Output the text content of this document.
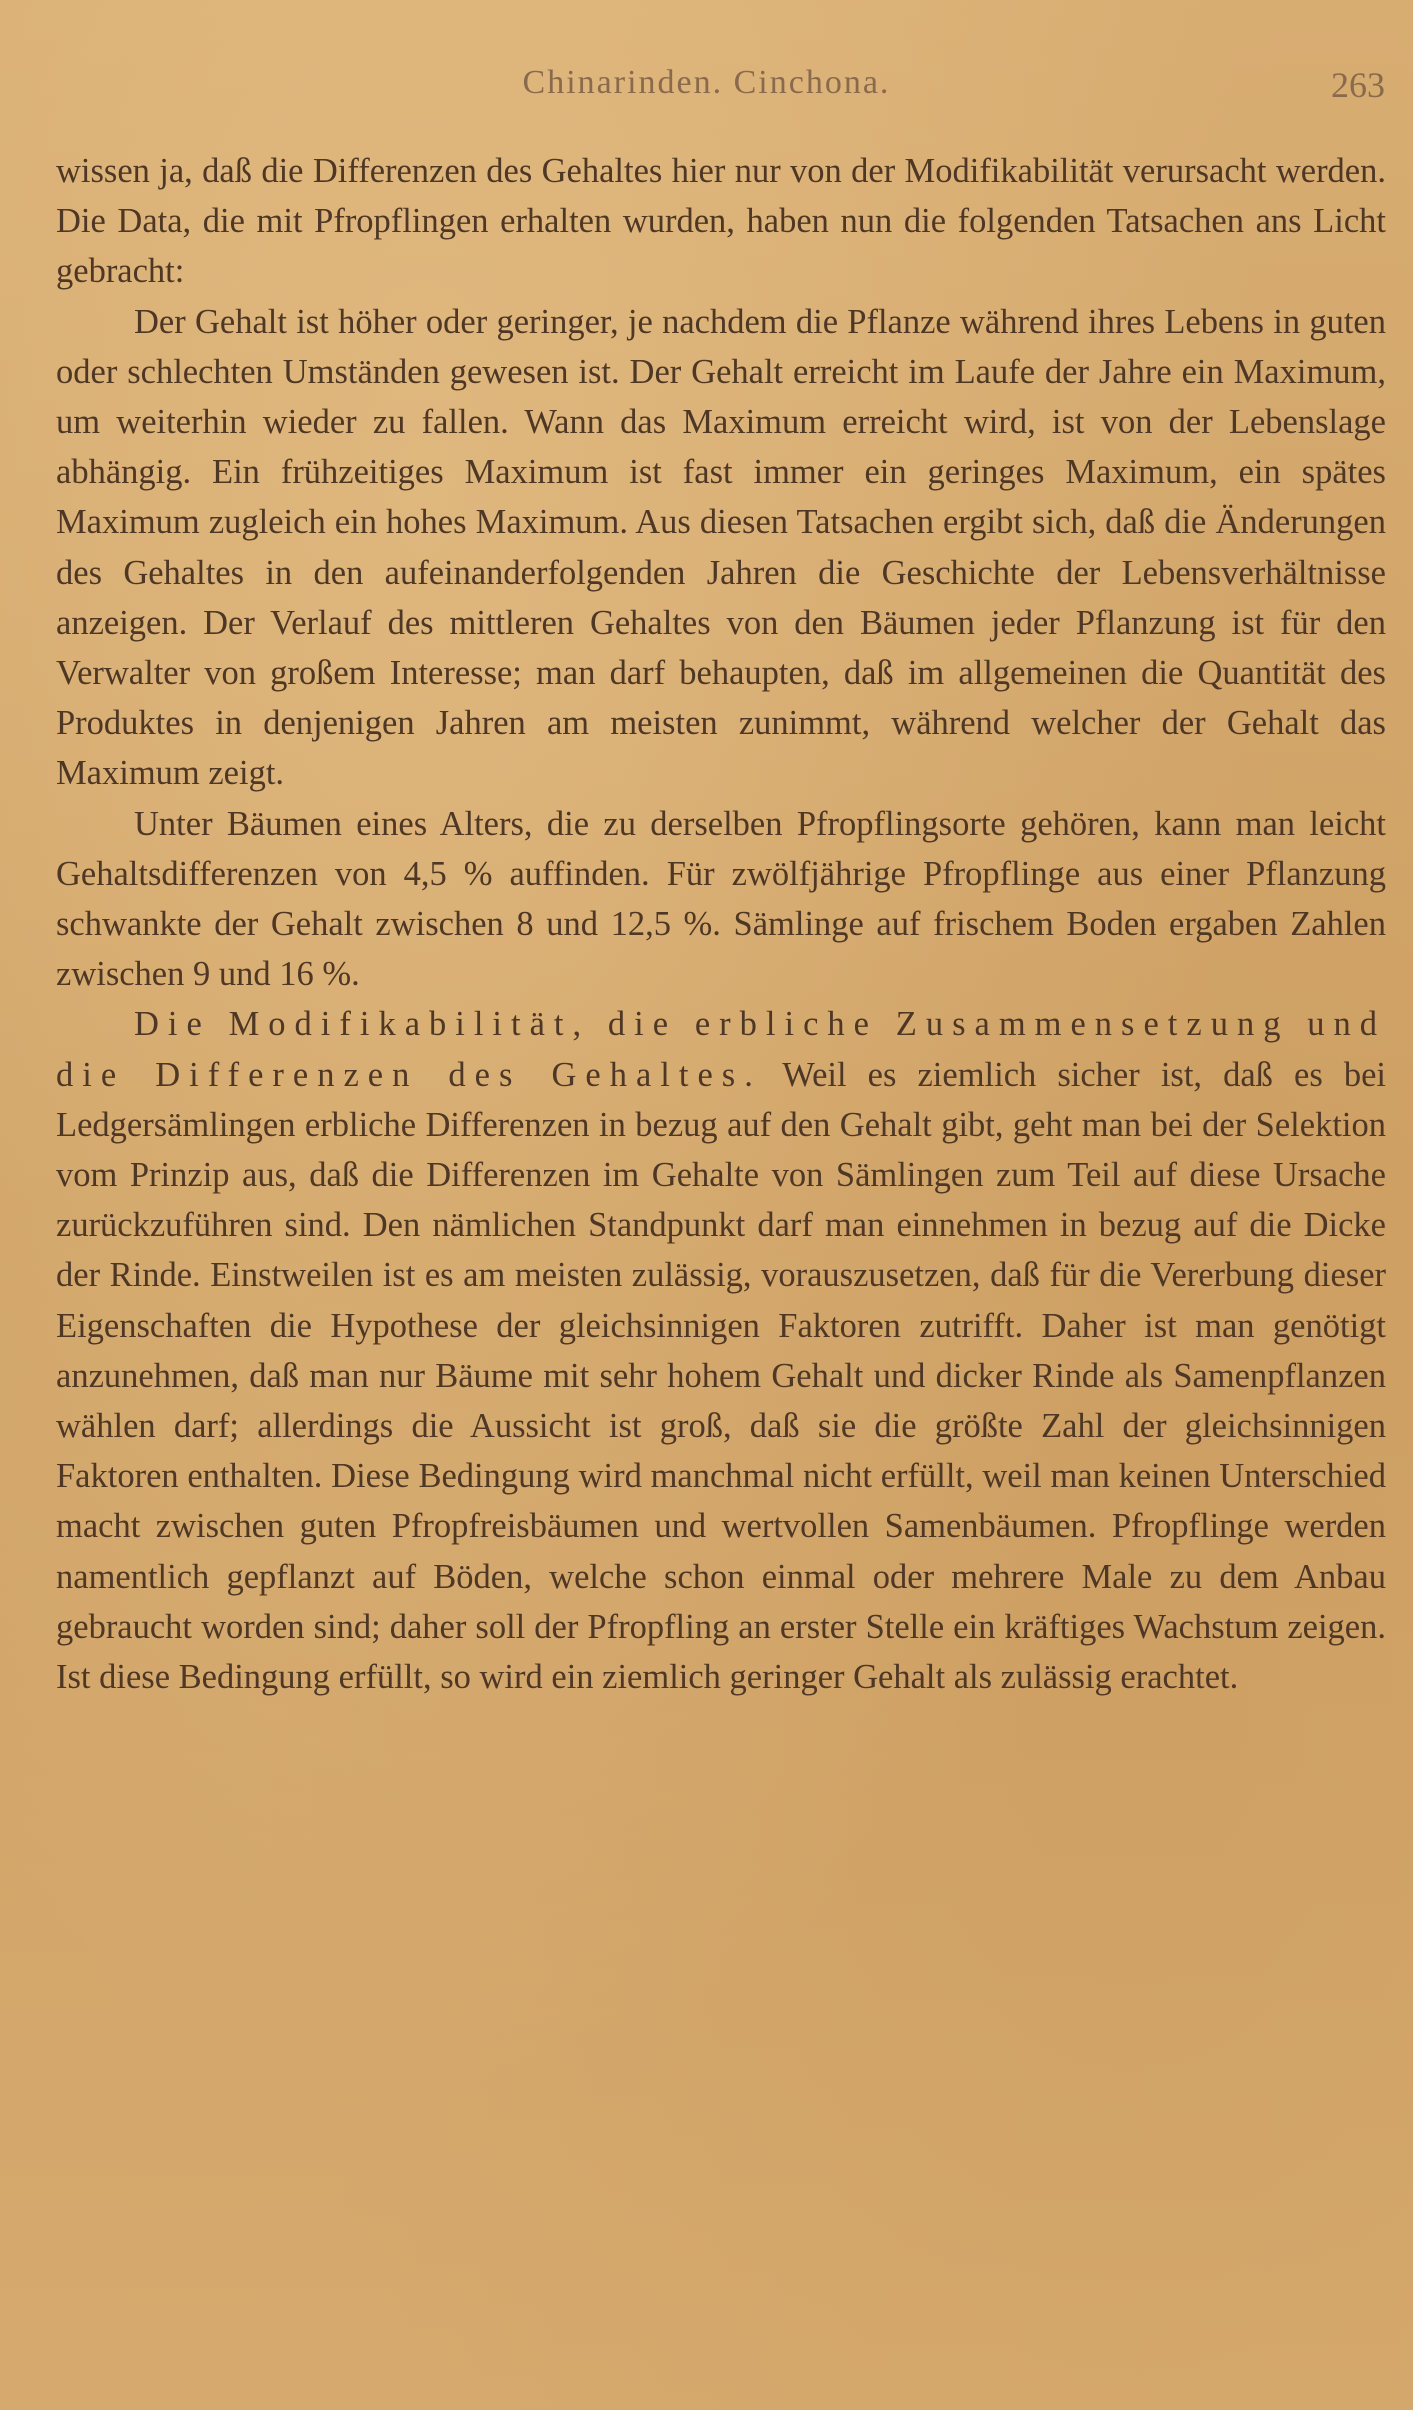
Chinarinden. Cinchona.	263

wissen ja, daß die Differenzen des Gehaltes hier nur von der Modifikabilität verursacht werden. Die Data, die mit Pfropflingen erhalten wurden, haben nun die folgenden Tatsachen ans Licht gebracht:

Der Gehalt ist höher oder geringer, je nachdem die Pflanze während ihres Lebens in guten oder schlechten Umständen gewesen ist. Der Gehalt erreicht im Laufe der Jahre ein Maximum, um weiterhin wieder zu fallen. Wann das Maximum erreicht wird, ist von der Lebenslage abhängig. Ein frühzeitiges Maximum ist fast immer ein geringes Maximum, ein spätes Maximum zugleich ein hohes Maximum. Aus diesen Tatsachen ergibt sich, daß die Änderungen des Gehaltes in den aufeinanderfolgenden Jahren die Geschichte der Lebensverhältnisse anzeigen. Der Verlauf des mittleren Gehaltes von den Bäumen jeder Pflanzung ist für den Verwalter von großem Interesse; man darf behaupten, daß im allgemeinen die Quantität des Produktes in denjenigen Jahren am meisten zunimmt, während welcher der Gehalt das Maximum zeigt.

Unter Bäumen eines Alters, die zu derselben Pfropflingsorte gehören, kann man leicht Gehaltsdifferenzen von 4,5 % auffinden. Für zwölfjährige Pfropflinge aus einer Pflanzung schwankte der Gehalt zwischen 8 und 12,5 %. Sämlinge auf frischem Boden ergaben Zahlen zwischen 9 und 16 %.

Die Modifikabilität, die erbliche Zusammensetzung und die Differenzen des Gehaltes. Weil es ziemlich sicher ist, daß es bei Ledgersämlingen erbliche Differenzen in bezug auf den Gehalt gibt, geht man bei der Selektion vom Prinzip aus, daß die Differenzen im Gehalte von Sämlingen zum Teil auf diese Ursache zurückzuführen sind. Den nämlichen Standpunkt darf man einnehmen in bezug auf die Dicke der Rinde. Einstweilen ist es am meisten zulässig, vorauszusetzen, daß für die Vererbung dieser Eigenschaften die Hypothese der gleichsinnigen Faktoren zutrifft. Daher ist man genötigt anzunehmen, daß man nur Bäume mit sehr hohem Gehalt und dicker Rinde als Samenpflanzen wählen darf; allerdings die Aussicht ist groß, daß sie die größte Zahl der gleichsinnigen Faktoren enthalten. Diese Bedingung wird manchmal nicht erfüllt, weil man keinen Unterschied macht zwischen guten Pfropfreisbäumen und wertvollen Samenbäumen. Pfropflinge werden namentlich gepflanzt auf Böden, welche schon einmal oder mehrere Male zu dem Anbau gebraucht worden sind; daher soll der Pfropfling an erster Stelle ein kräftiges Wachstum zeigen. Ist diese Bedingung erfüllt, so wird ein ziemlich geringer Gehalt als zulässig erachtet.
